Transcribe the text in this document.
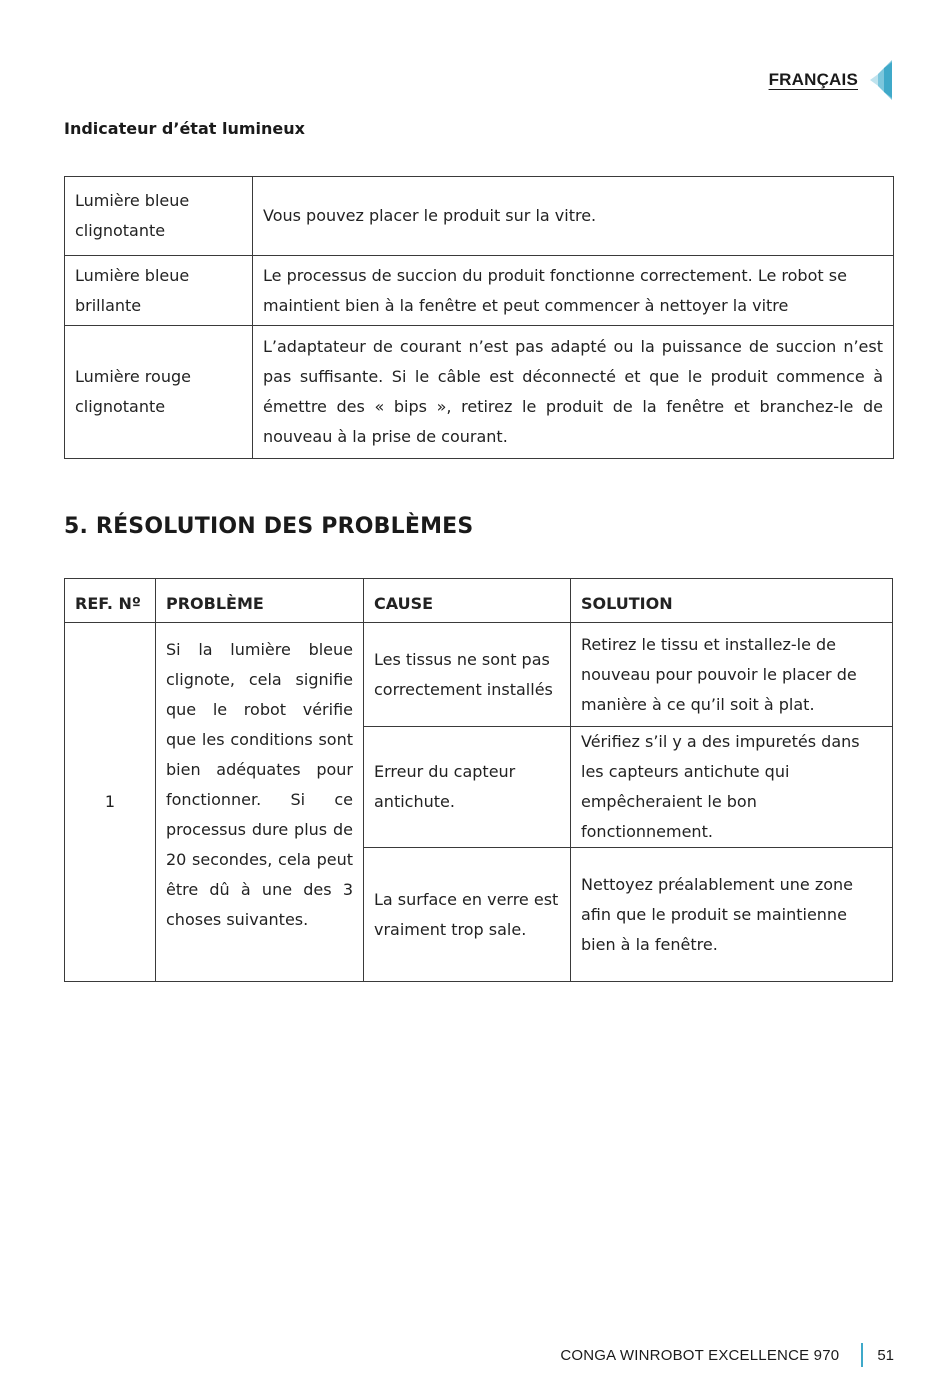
FRANÇAIS
Indicateur d’état lumineux
Lumière bleue clignotante	Vous pouvez placer le produit sur la vitre.
Lumière bleue brillante	Le processus de succion du produit fonctionne correctement. Le robot se maintient bien à la fenêtre et peut commencer à nettoyer la vitre
Lumière rouge clignotante	L’adaptateur de courant n’est pas adapté ou la puissance de succion n’est pas suffisante. Si le câble est déconnecté et que le produit commence à émettre des « bips », retirez le produit de la fenêtre et branchez-le de nouveau à la prise de courant.
5. RÉSOLUTION DES PROBLÈMES
REF. Nº	PROBLÈME	CAUSE	SOLUTION
1	Si la lumière bleue clignote, cela signifie que le robot vérifie que les conditions sont bien adéquates pour fonctionner. Si ce processus dure plus de 20 secondes, cela peut être dû à une des 3 choses suivantes.	Les tissus ne sont pas correctement installés	Retirez le tissu et installez-le de nouveau pour pouvoir le placer de manière à ce qu’il soit à plat.
		Erreur du capteur antichute.	Vérifiez s’il y a des impuretés dans les capteurs antichute qui empêcheraient le bon fonctionnement.
		La surface en verre est vraiment trop sale.	Nettoyez préalablement une zone afin que le produit se maintienne bien à la fenêtre.
CONGA WINROBOT EXCELLENCE 970	51
